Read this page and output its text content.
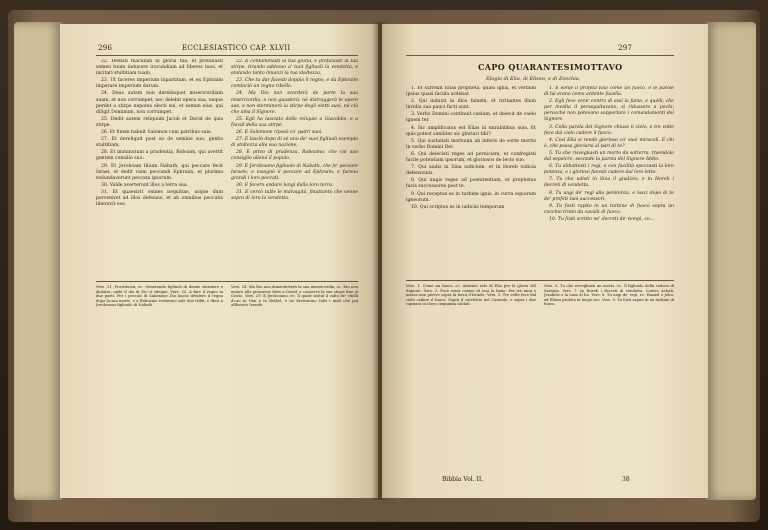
296	ECCLESIASTICO CAP. XLVII

22. Dedisti maculam in gloria tua, et profanasti semen tuum inducere iracundiam ad liberos tuos, et incitari stultitiam tuam,

23. Ut faceres imperium bipartitum, et ex Ephraim imperare imperium durum.

24. Deus autem non derelinquet misericordiam suam, et non corrumpet, nec delebit opera sua, neque perdet a stirpe nepotes electi sui, et semen eius, qui diligit Dominum, non corrumpet.

25. Dedit autem reliquum Jacob et David de ipsa stirpe.

26. Et finem habuit Salomon cum patribus suis.

27. Et dereliquit post se de semine suo, gentis stultitiam,

28. Et imminutum a prudentia, Roboam, qui avertit gentem consilio suo:

29. Et Jeroboam filium Nabath, qui peccare fecit Israel, et dedit viam peccandi Ephraim, et plurima redundaverunt peccata ipsorum.

30. Valde averterunt illos a terra sua.

31. Et quaesivit omnes nequitias, usque dum perveniret ad illos defensio, et ab omnibus peccatis liberavit eos.

22. E contaminasti la tua gloria, e profanasti la tua stirpe, tirando addosso a' tuoi figliuoli la vendetta, e andando tanto innanzi la tua stoltezza,

23. Che tu dar facesti doppio il regno, e da Ephraim cominciò un regno ribelle.

24. Ma Dio non scorderà de parte la sua misericordia, e non guasterà, né distruggerà le opere sue, e non sterminerà la stirpe degli eletti suoi, né ciò che ama il Signore.

25. Egli ha lasciato delle reliquie a Giacobbe, e a David della sua stirpe.

26. E Salomone riposò co' padri suoi.

27. E lasciò dopo di sé uno de' suoi figliuoli esempio di stoltezza alla sua nazione,

28. E privo di prudenza, Roboamo, che col suo consiglio alienò il popolo.

29. E Jeroboamo figliuolo di Nabath, che fe' peccare Israele, e insegnò il peccare ad Ephraim, e furono grandi i loro peccati.

30. E fecero andare lungi dalla loro terra.

31. E cercò tutte le malvagità, finattanto che venne sopra di loro la vendetta.

Vers. 21. Prostituisti, ec. Generando figliuoli di donne straniere e idolatre, onde il dio di Dio si sdegnò. Vers. 23. A fare il regno in due parti. Per i peccati di Salomone Dio lasciò dividere il regno dopo la sua morte, e a Roboamo restarono sole due tribù, e dieci a Jeroboamo figliuolo di Nabath.
Vers. 24. Ma Dio non dimenticherà la sua misericordia, ec. Dio non mancò alle promesse fatte a David, e conservò la sua stirpe fino al Cristo. Vers. 29. E Jeroboamo, ec. Il quale istituì il culto de' vitelli d'oro in Dan e in Bethel, e ne derivarono tutti i mali che poi afflissero Israele.
297
CAPO QUARANTESIMOTTAVO
Elogio di Elia, di Eliseo, e di Ezechia.

1. Et surrexit Elias propheta, quasi ignis, et verbum ipsius quasi facula ardebat.

2. Qui induxit in illos famem, et irritantes illum invidia sua pauci facti sunt.

3. Verbo Domini continuit caelum, et deiecit de caelo ignem ter.

4. Sic amplificatus est Elias in mirabilibus suis. Et quis potest similiter sic gloriari tibi?

5. Qui sustulisti mortuum ab inferis de sorte mortis in verbo Domini Dei.

6. Qui deiecisti reges ad perniciem, et confregisti facile potentiam ipsorum, et gloriosos de lecto suo.

7. Qui audis in Sina iudicium, et in Horeb iudicia defensionis.

8. Qui ungis reges ad poenitentiam, et prophetas facis successores post te.

9. Qui receptus es in turbine ignis, in curru equorum igneorum.

10. Qui scriptus es in iudiciis temporum

1. E sorse il profeta Elia come un fuoco, e le parole di lui erano come ardente facella.

2. Egli fece venir contro di essi la fame, e quelli, che per invidia il perseguitavano, si ridussero a pochi; perocché non potevano sopportare i comandamenti del Signore.

3. Colla parola del Signore chiuse il cielo, e tre volte fece dal cielo cadere il fuoco.

4. Così Elia si rendé glorioso co' suoi miracoli. E chi è, che possa gloriarsi al pari di te?

5. Tu che risvegliasti un morto da sotterra, traendolo dal sepolcro, secondo la parola del Signore Iddio.

6. Tu abbattesti i regi, e con facilità spezzasti la loro potenza, e i gloriosi facesti cadere dal loro letto.

7. Tu che udisti in Sina il giudizio, e in Horeb i decreti di vendetta.

8. Tu ungi de' regi alla penitenza, e lasci dopo di te de' profeti tuoi successori.

9. Tu fosti rapito in un turbine di fuoco sopra un cocchio tirato da cavalli di fuoco.

10. Tu fosti scritto ne' decreti de' tempi, co...

Vers. 1. Come un fuoco, ec. Ardente zelo di Elia per la gloria del Signore. Vers. 2. Fece venir contro di essi la fame. Per tre anni e mezzo non piovve sopra la terra d'Israele. Vers. 3. Tre volte fece dal cielo cadere il fuoco. Sopra il sacrificio nel Carmelo, e sopra i due capitani coi loro cinquanta soldati.
Vers. 5. Tu che risvegliasti un morto, ec. Il figliuolo della vedova di Sarepta. Vers. 7. In Horeb i decreti di vendetta. Contro Achab, Jezabele e la casa di lui. Vers. 8. Tu ungi de' regi, ec. Hazael e Jehu, ed Eliseo profeta in luogo suo. Vers. 9. Tu fosti rapito in un turbine di fuoco.
Bibbia Vol. II.	38
